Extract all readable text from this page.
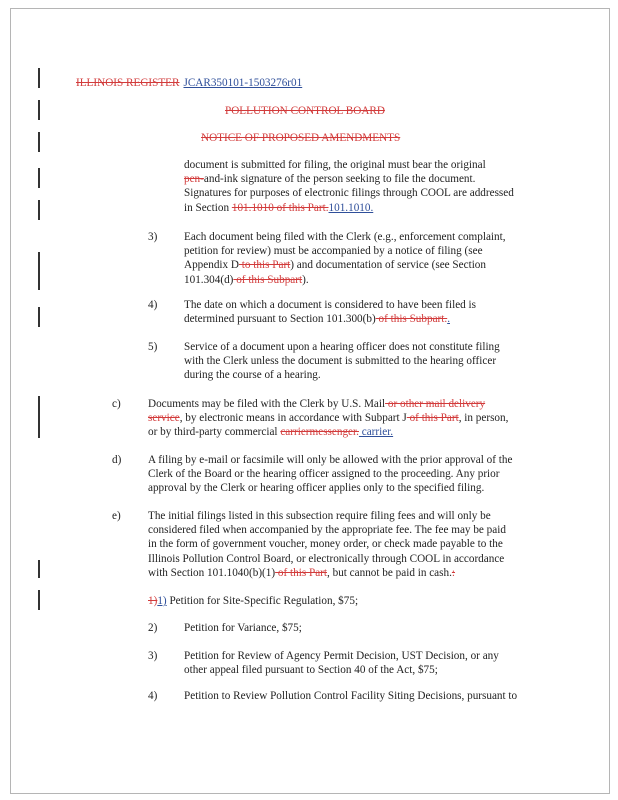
ILLINOIS REGISTER JCAR350101-1503276r01
POLLUTION CONTROL BOARD
NOTICE OF PROPOSED AMENDMENTS
document is submitted for filing, the original must bear the original
pen-and-ink signature of the person seeking to file the document.
Signatures for purposes of electronic filings through COOL are addressed
in Section 101.1010 of this Part.101.1010.
3) Each document being filed with the Clerk (e.g., enforcement complaint,
petition for review) must be accompanied by a notice of filing (see
Appendix D to this Part) and documentation of service (see Section
101.304(d) of this Subpart).
4) The date on which a document is considered to have been filed is
determined pursuant to Section 101.300(b) of this Subpart..
5) Service of a document upon a hearing officer does not constitute filing
with the Clerk unless the document is submitted to the hearing officer
during the course of a hearing.
c) Documents may be filed with the Clerk by U.S. Mail or other mail delivery
service, by electronic means in accordance with Subpart J of this Part, in person,
or by third-party commercial carriermessenger. carrier.
d) A filing by e-mail or facsimile will only be allowed with the prior approval of the
Clerk of the Board or the hearing officer assigned to the proceeding. Any prior
approval by the Clerk or hearing officer applies only to the specified filing.
e) The initial filings listed in this subsection require filing fees and will only be
considered filed when accompanied by the appropriate fee. The fee may be paid
in the form of government voucher, money order, or check made payable to the
Illinois Pollution Control Board, or electronically through COOL in accordance
with Section 101.1040(b)(1) of this Part, but cannot be paid in cash.:
1)1) Petition for Site-Specific Regulation, $75;
2) Petition for Variance, $75;
3) Petition for Review of Agency Permit Decision, UST Decision, or any
other appeal filed pursuant to Section 40 of the Act, $75;
4) Petition to Review Pollution Control Facility Siting Decisions, pursuant to
